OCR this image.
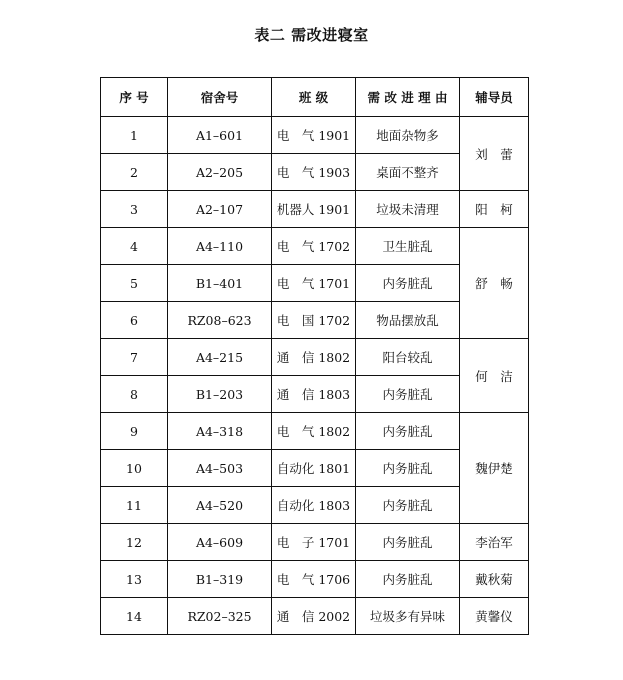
表二 需改进寝室
序 号	宿舍号	班 级	需 改 进 理 由	辅导员
1	A1–601	电　气 1901	地面杂物多	刘　蕾
2	A2–205	电　气 1903	桌面不整齐	
3	A2–107	机器人 1901	垃圾未清理	阳　柯
4	A4–110	电　气 1702	卫生脏乱	舒　畅
5	B1–401	电　气 1701	内务脏乱	
6	RZ08–623	电　国 1702	物品摆放乱	
7	A4–215	通　信 1802	阳台较乱	何　洁
8	B1–203	通　信 1803	内务脏乱	
9	A4–318	电　气 1802	内务脏乱	魏伊楚
10	A4–503	自动化 1801	内务脏乱	
11	A4–520	自动化 1803	内务脏乱	
12	A4–609	电　子 1701	内务脏乱	李治军
13	B1–319	电　气 1706	内务脏乱	戴秋菊
14	RZ02–325	通　信 2002	垃圾多有异味	黄馨仪
